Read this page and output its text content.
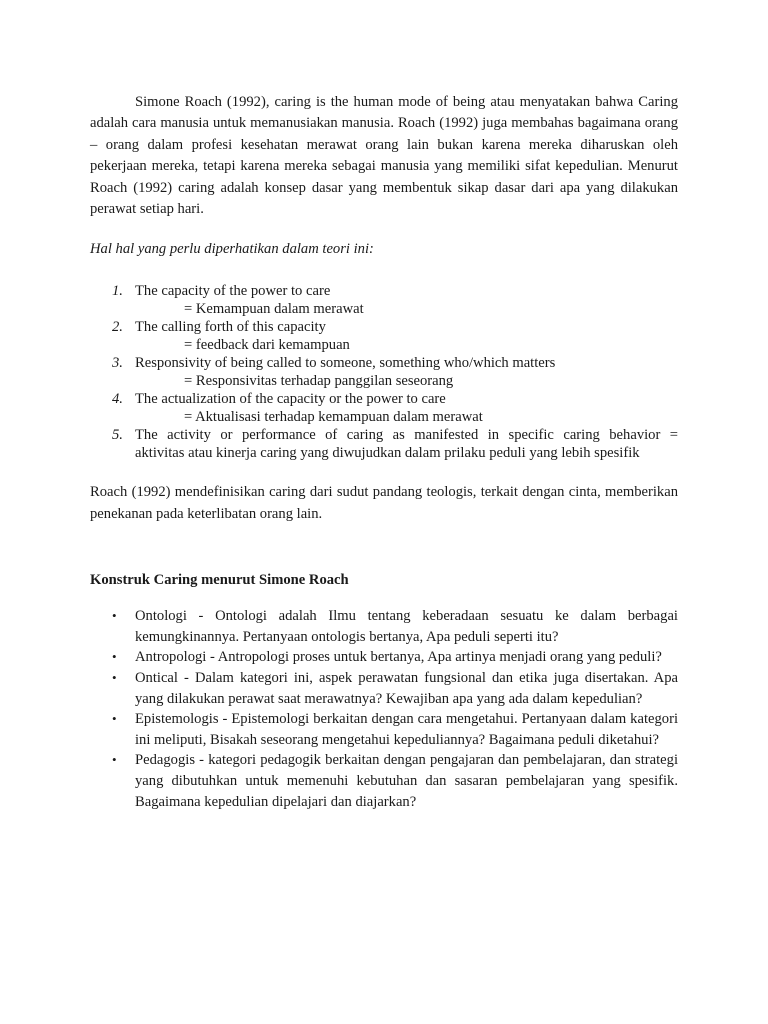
Simone Roach (1992), caring is the human mode of being atau menyatakan bahwa Caring adalah cara manusia untuk memanusiakan manusia. Roach (1992) juga membahas bagaimana orang – orang dalam profesi kesehatan merawat orang lain bukan karena mereka diharuskan oleh pekerjaan mereka, tetapi karena mereka sebagai manusia yang memiliki sifat kepedulian. Menurut Roach (1992) caring adalah konsep dasar yang membentuk sikap dasar dari apa yang dilakukan perawat setiap hari.

Hal hal yang perlu diperhatikan dalam teori ini:

1. The capacity of the power to care
= Kemampuan dalam merawat
2. The calling forth of this capacity
= feedback dari kemampuan
3. Responsivity of being called to someone, something who/which matters
= Responsivitas terhadap panggilan seseorang
4. The actualization of the capacity or the power to care
= Aktualisasi terhadap kemampuan dalam merawat
5. The activity or performance of caring as manifested in specific caring behavior =
aktivitas atau kinerja caring yang diwujudkan dalam prilaku peduli yang lebih spesifik

Roach (1992) mendefinisikan caring dari sudut pandang teologis, terkait dengan cinta, memberikan penekanan pada keterlibatan orang lain.

Konstruk Caring menurut Simone Roach

• Ontologi - Ontologi adalah Ilmu tentang keberadaan sesuatu ke dalam berbagai kemungkinannya. Pertanyaan ontologis bertanya, Apa peduli seperti itu?
• Antropologi - Antropologi proses untuk bertanya, Apa artinya menjadi orang yang peduli?
• Ontical - Dalam kategori ini, aspek perawatan fungsional dan etika juga disertakan. Apa yang dilakukan perawat saat merawatnya? Kewajiban apa yang ada dalam kepedulian?
• Epistemologis - Epistemologi berkaitan dengan cara mengetahui. Pertanyaan dalam kategori ini meliputi, Bisakah seseorang mengetahui kepeduliannya? Bagaimana peduli diketahui?
• Pedagogis - kategori pedagogik berkaitan dengan pengajaran dan pembelajaran, dan strategi yang dibutuhkan untuk memenuhi kebutuhan dan sasaran pembelajaran yang spesifik. Bagaimana kepedulian dipelajari dan diajarkan?
